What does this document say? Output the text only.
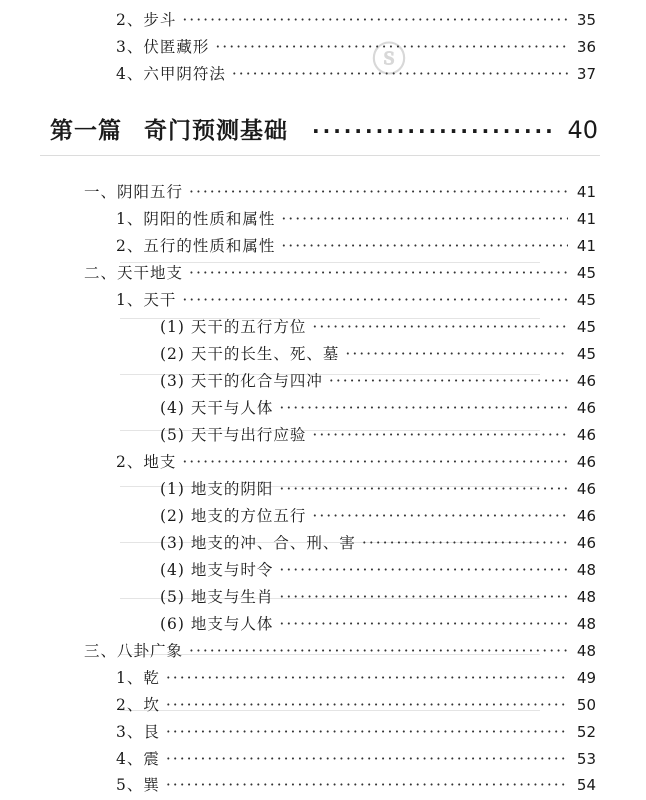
ⓢ
2、步斗 ·····	35
3、伏匿藏形 ·····	36
4、六甲阴符法 ·····	37
第一篇 奇门预测基础 ·····	40
一、阴阳五行 ·····	41
1、阴阳的性质和属性 ·····	41
2、五行的性质和属性 ·····	41
二、天干地支 ·····	45
1、天干 ·····	45
(1) 天干的五行方位 ·····	45
(2) 天干的长生、死、墓 ·····	45
(3) 天干的化合与四冲 ·····	46
(4) 天干与人体 ·····	46
(5) 天干与出行应验 ·····	46
2、地支 ·····	46
(1) 地支的阴阳 ·····	46
(2) 地支的方位五行 ·····	46
(3) 地支的冲、合、刑、害 ·····	46
(4) 地支与时令 ·····	48
(5) 地支与生肖 ·····	48
(6) 地支与人体 ·····	48
三、八卦广象 ·····	48
1、乾 ·····	49
2、坎 ·····	50
3、艮 ·····	52
4、震 ·····	53
5、巽 ·····	54
